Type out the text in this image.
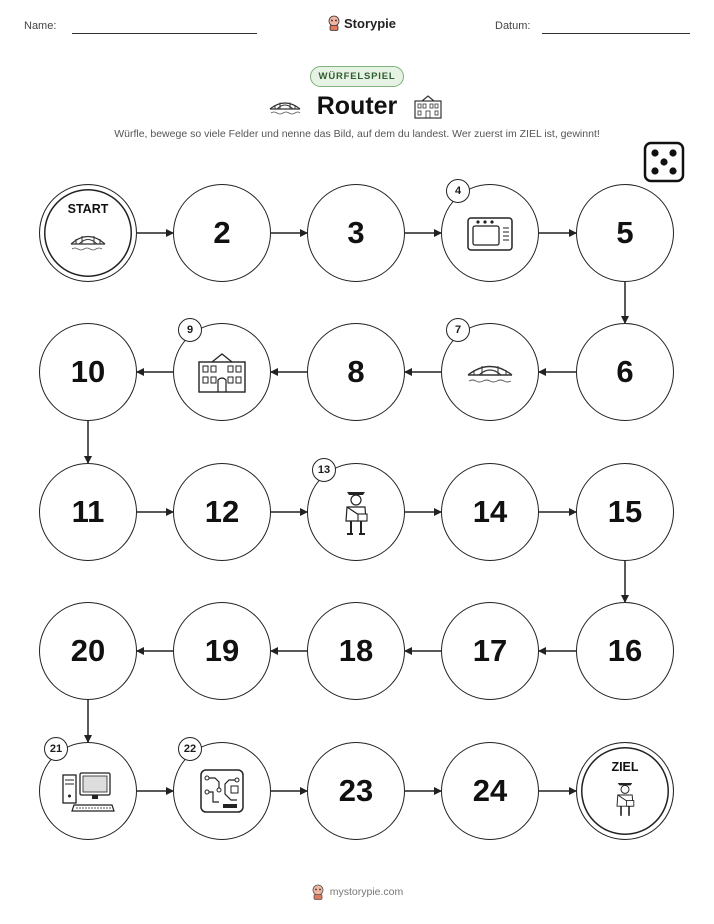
Name:	Storypie	Datum:
WÜRFELSPIEL
Router
Würfle, bewege so viele Felder und nenne das Bild, auf dem du landest. Wer zuerst im ZIEL ist, gewinnt!
START
2	3
4
5
6
7
8
9
10
11	12
13
14	15
16
17
18
19
20
21	22
23	24
ZIEL
mystorypie.com
